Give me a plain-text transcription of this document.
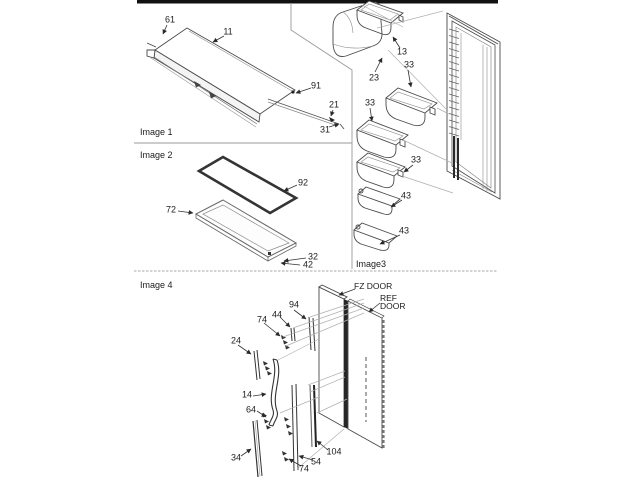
Image 1
Image 2
Image3
Image 4
61
11
91
21
31
92
72
32
42
13
23
33
33
33
43
43
94
44
74
24
14
64
34	54
74
104
FZ DOOR
REF
DOOR
